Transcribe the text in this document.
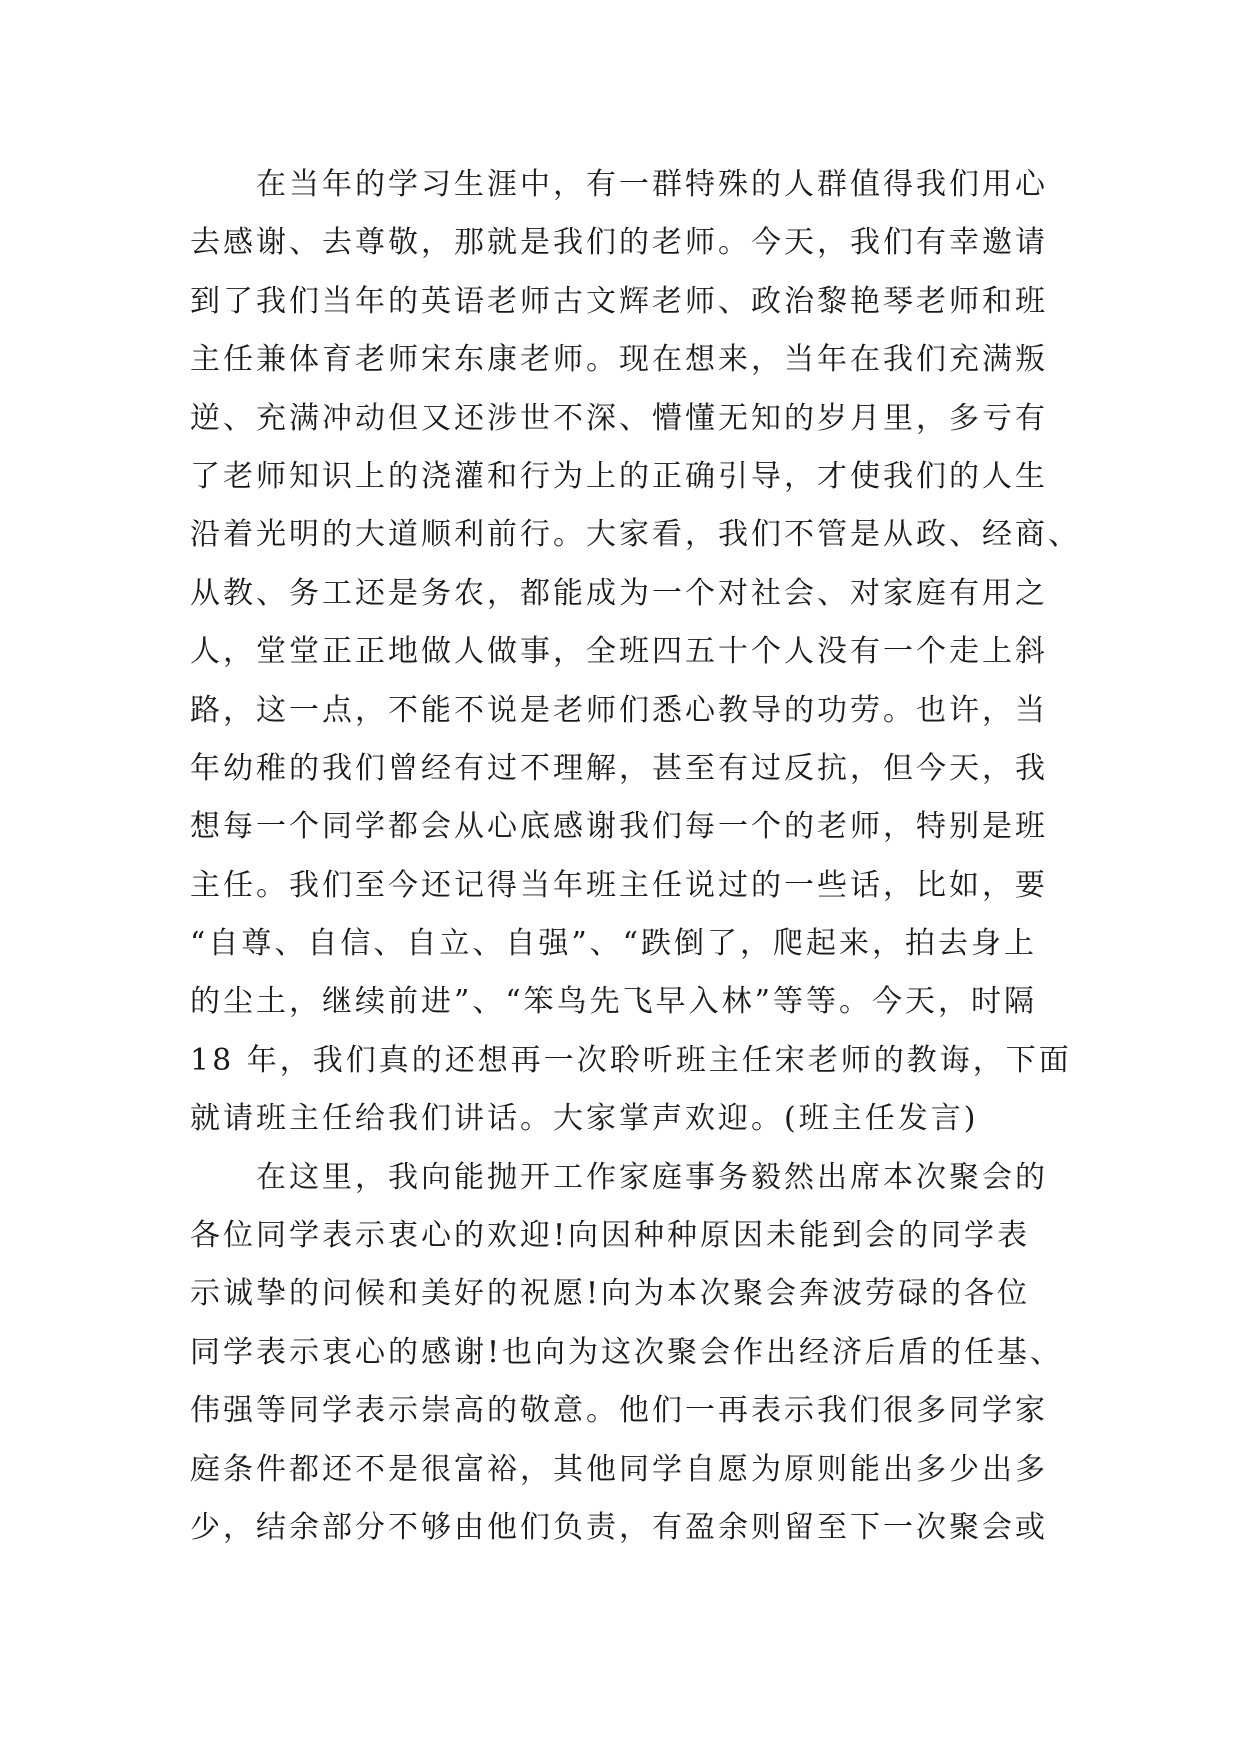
在当年的学习生涯中，有一群特殊的人群值得我们用心
去感谢、去尊敬，那就是我们的老师。今天，我们有幸邀请
到了我们当年的英语老师古文辉老师、政治黎艳琴老师和班
主任兼体育老师宋东康老师。现在想来，当年在我们充满叛
逆、充满冲动但又还涉世不深、懵懂无知的岁月里，多亏有
了老师知识上的浇灌和行为上的正确引导，才使我们的人生
沿着光明的大道顺利前行。大家看，我们不管是从政、经商、
从教、务工还是务农，都能成为一个对社会、对家庭有用之
人，堂堂正正地做人做事，全班四五十个人没有一个走上斜
路，这一点，不能不说是老师们悉心教导的功劳。也许，当
年幼稚的我们曾经有过不理解，甚至有过反抗，但今天，我
想每一个同学都会从心底感谢我们每一个的老师，特别是班
主任。我们至今还记得当年班主任说过的一些话，比如，要
“自尊、自信、自立、自强”、“跌倒了，爬起来，拍去身上
的尘土，继续前进”、“笨鸟先飞早入林”等等。今天，时隔
18 年，我们真的还想再一次聆听班主任宋老师的教诲，下面
就请班主任给我们讲话。大家掌声欢迎。(班主任发言)
在这里，我向能抛开工作家庭事务毅然出席本次聚会的
各位同学表示衷心的欢迎!向因种种原因未能到会的同学表
示诚挚的问候和美好的祝愿!向为本次聚会奔波劳碌的各位
同学表示衷心的感谢!也向为这次聚会作出经济后盾的任基、
伟强等同学表示崇高的敬意。他们一再表示我们很多同学家
庭条件都还不是很富裕，其他同学自愿为原则能出多少出多
少，结余部分不够由他们负责，有盈余则留至下一次聚会或
